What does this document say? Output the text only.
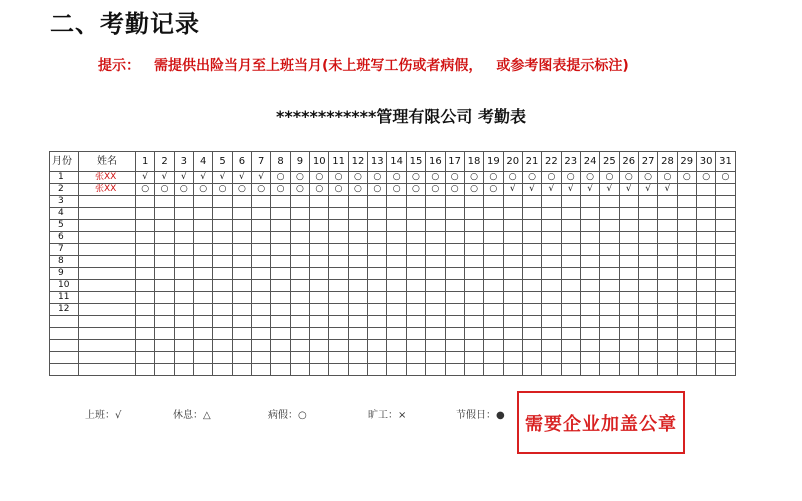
二、考勤记录
提示： 需提供出险当月至上班当月(未上班写工伤或者病假， 或参考图表提示标注)
************管理有限公司 考勤表
月份	姓名	1	2	3	4	5	6	7	8	9	10	11	12	13	14	15	16	17	18	19	20	21	22	23	24	25	26	27	28	29	30	31
1	张XX	√	√	√	√	√	√	√	○	○	○	○	○	○	○	○	○	○	○	○	○	○	○	○	○	○	○	○	○	○	○	○
2	张XX	○	○	○	○	○	○	○	○	○	○	○	○	○	○	○	○	○	○	○	√	√	√	√	√	√	√	√	√			
3																																
4																																
5																																
6																																
7																																
8																																
9																																
10																																
11																																
12																																

上班：√	休息：△	病假：○	旷工：×	节假日：●	需要企业加盖公章
